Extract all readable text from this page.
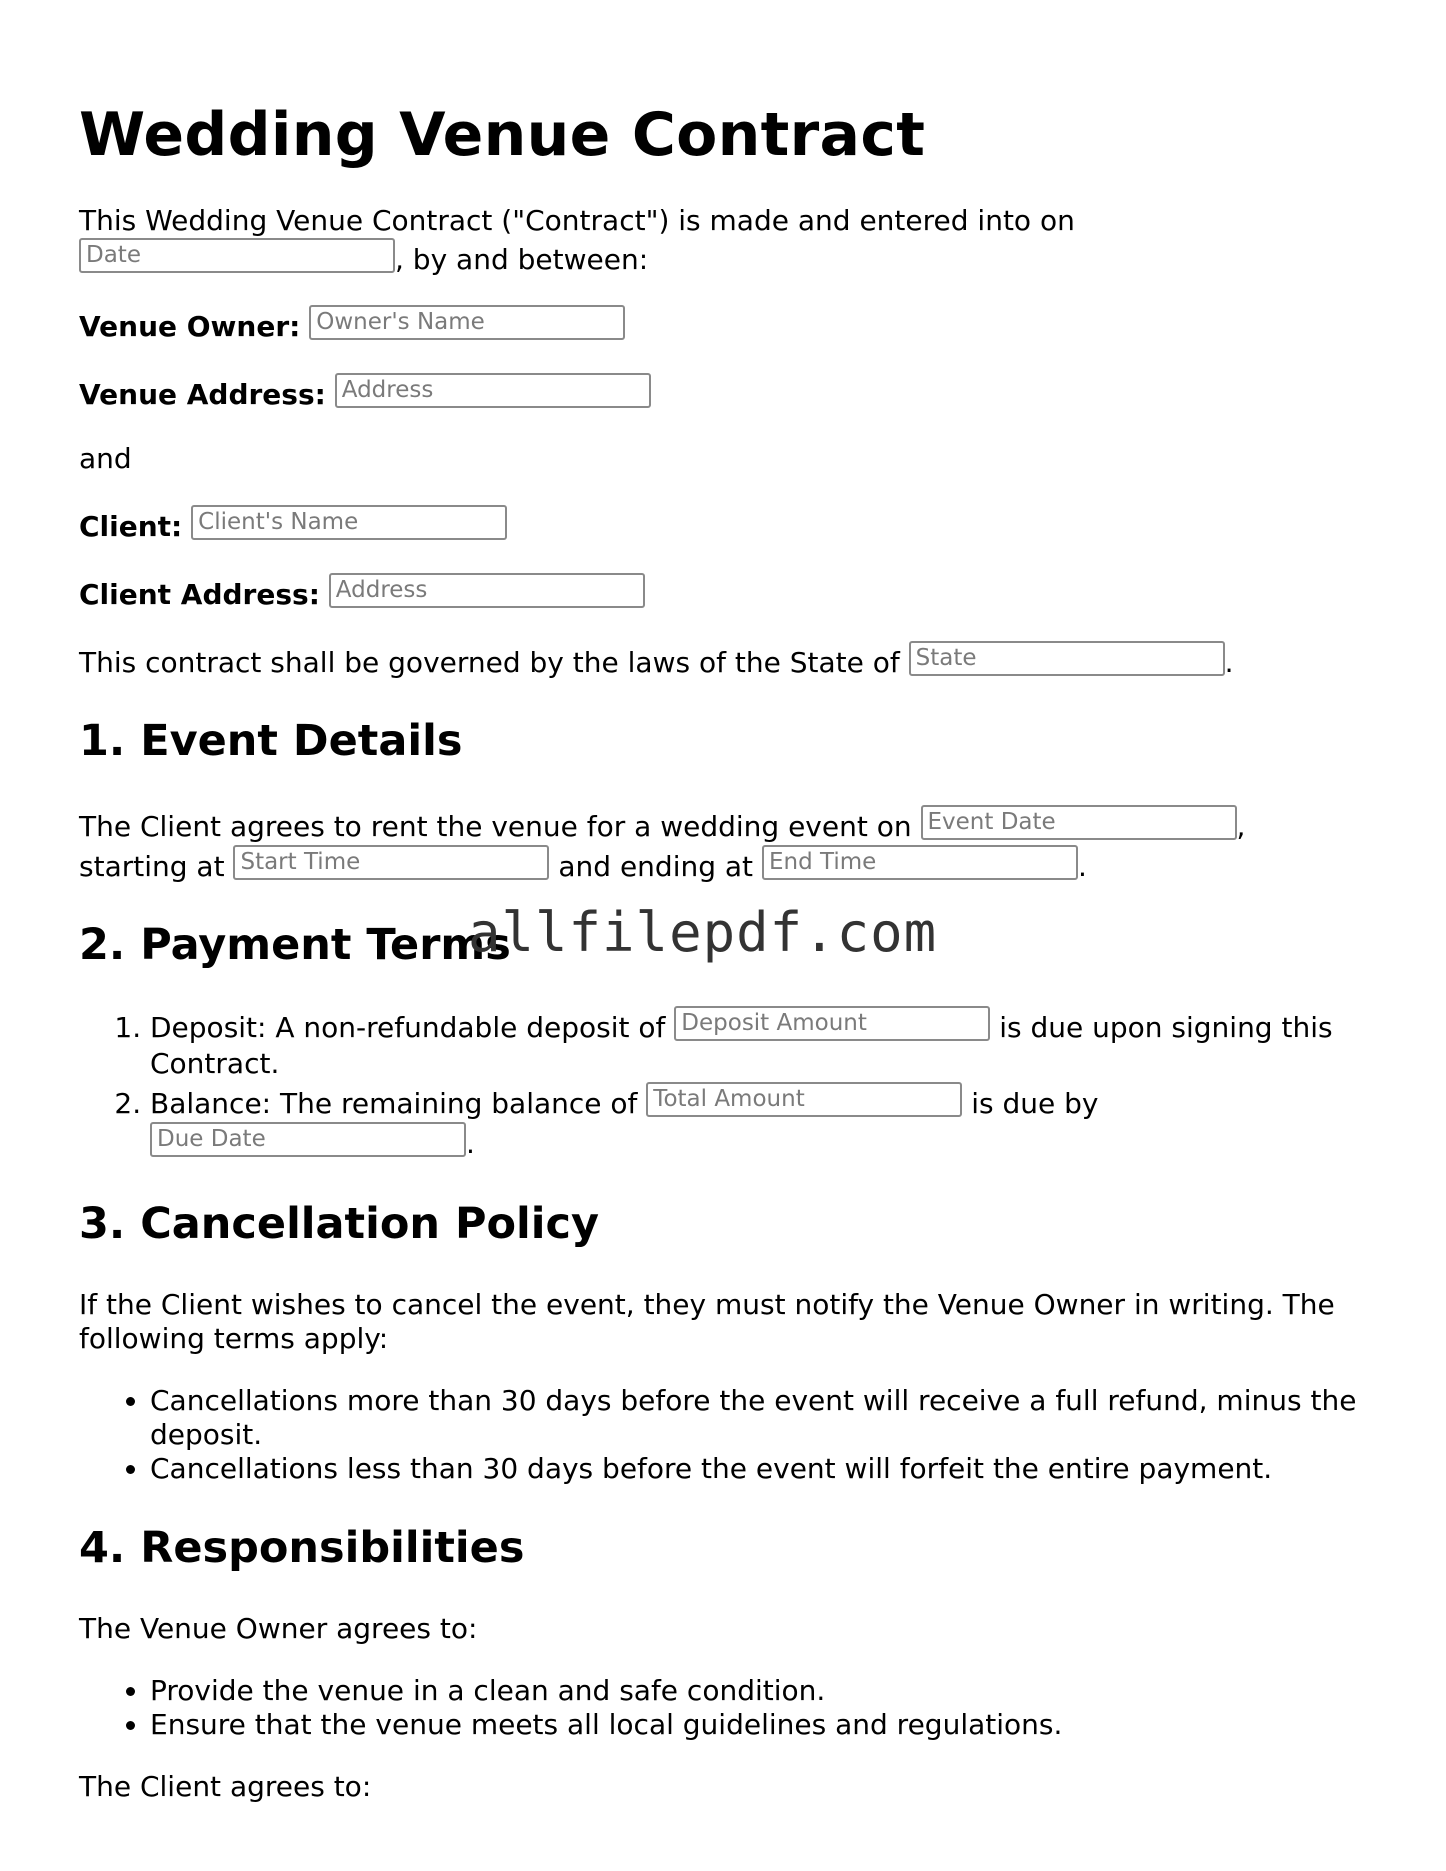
Wedding Venue Contract

This Wedding Venue Contract ("Contract") is made and entered into on
Date	, by and between:

Venue Owner: Owner's Name

Venue Address: Address

and

Client: Client's Name

Client Address: Address

This contract shall be governed by the laws of the State of State	.

1. Event Details

The Client agrees to rent the venue for a wedding event on Event Date	,
starting at Start Time	and ending at End Time	.

2. Payment Terms
1. Deposit: A non-refundable deposit of Deposit Amount	is due upon signing this Contract.
2. Balance: The remaining balance of Total Amount	is due by
Due Date	.
3. Cancellation Policy

If the Client wishes to cancel the event, they must notify the Venue Owner in writing. The following terms apply:

• Cancellations more than 30 days before the event will receive a full refund, minus the deposit.
• Cancellations less than 30 days before the event will forfeit the entire payment.
4. Responsibilities

The Venue Owner agrees to:

• Provide the venue in a clean and safe condition.
• Ensure that the venue meets all local guidelines and regulations.

The Client agrees to:

allfilepdf.com
